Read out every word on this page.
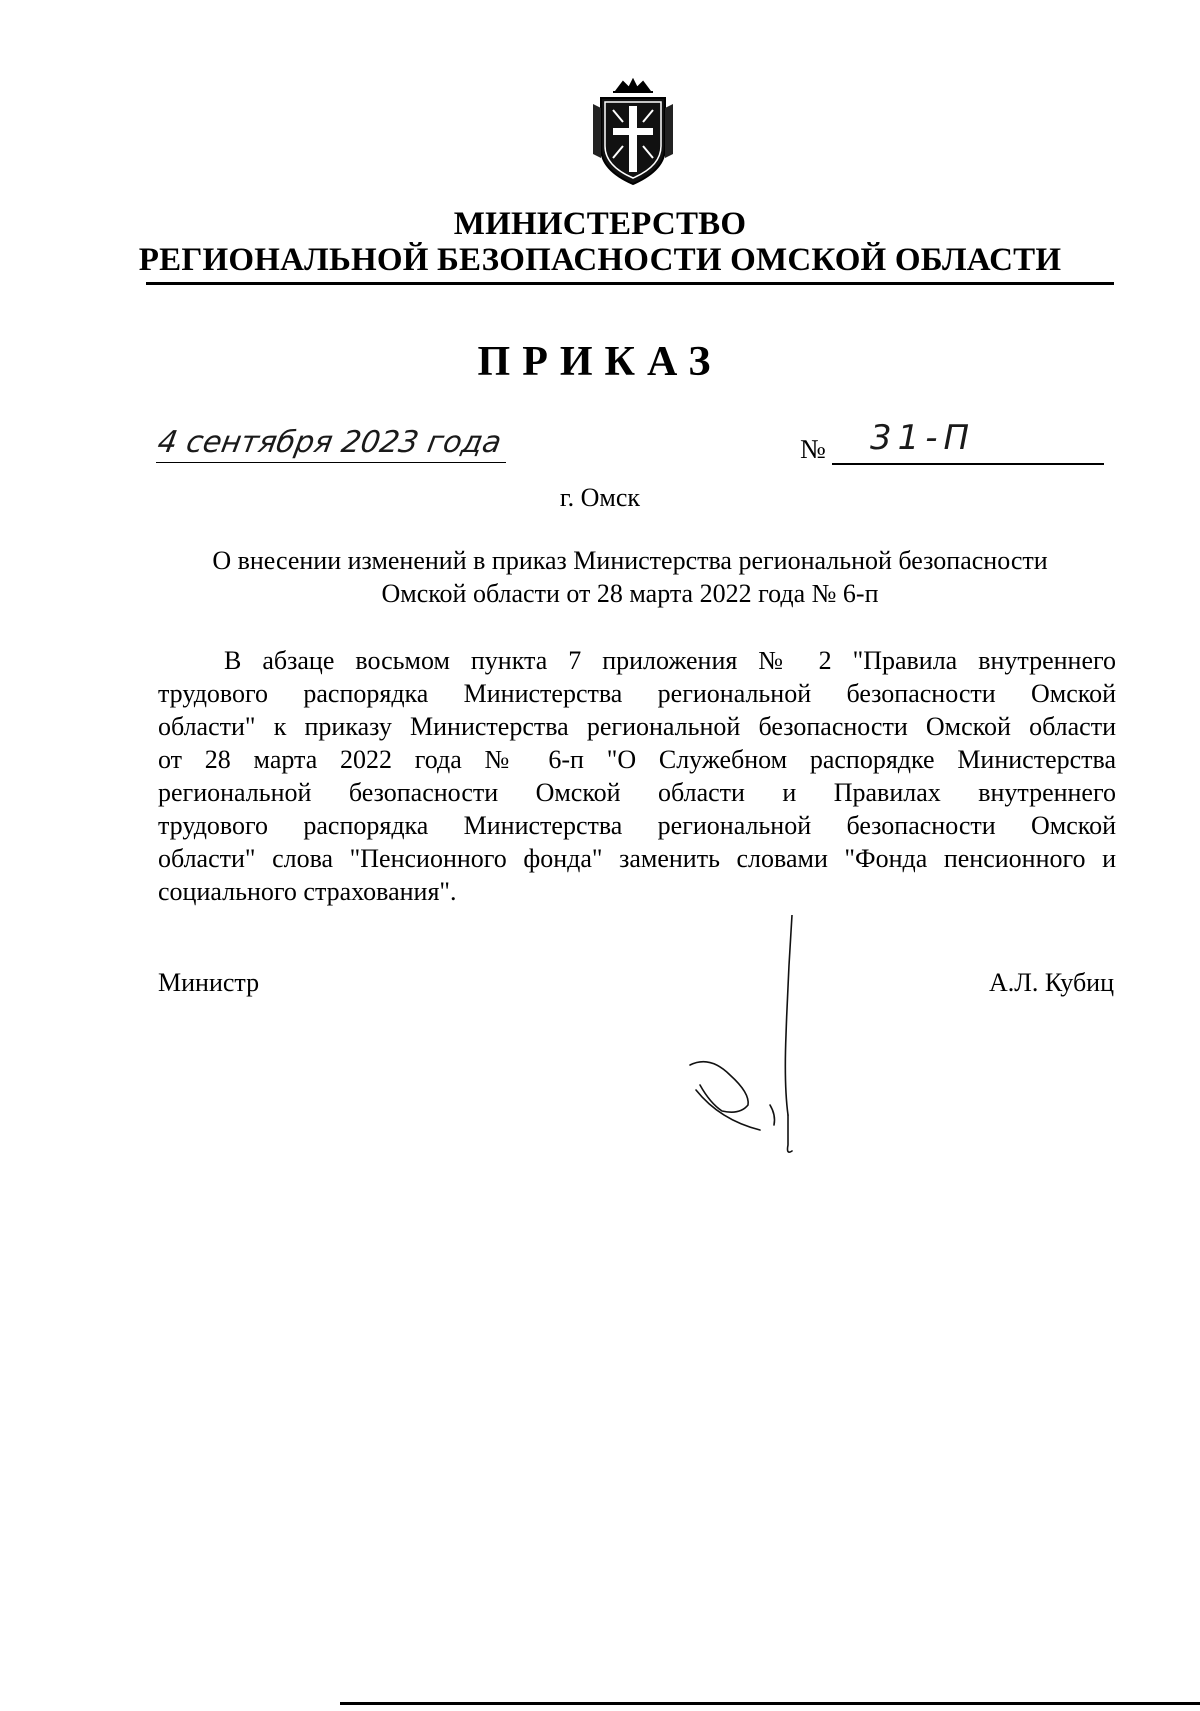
МИНИСТЕРСТВО
РЕГИОНАЛЬНОЙ БЕЗОПАСНОСТИ ОМСКОЙ ОБЛАСТИ
ПРИКАЗ
4 сентября 2023 года	№ 31-П
г. Омск
О внесении изменений в приказ Министерства региональной безопасности
Омской области от 28 марта 2022 года № 6-п
В абзаце восьмом пункта 7 приложения № 2 "Правила внутреннего
трудового распорядка Министерства региональной безопасности Омской
области" к приказу Министерства региональной безопасности Омской области
от 28 марта 2022 года № 6-п "О Служебном распорядке Министерства
региональной безопасности Омской области и Правилах внутреннего
трудового распорядка Министерства региональной безопасности Омской
области" слова "Пенсионного фонда" заменить словами "Фонда пенсионного и
социального страхования".
Министр	А.Л. Кубиц
